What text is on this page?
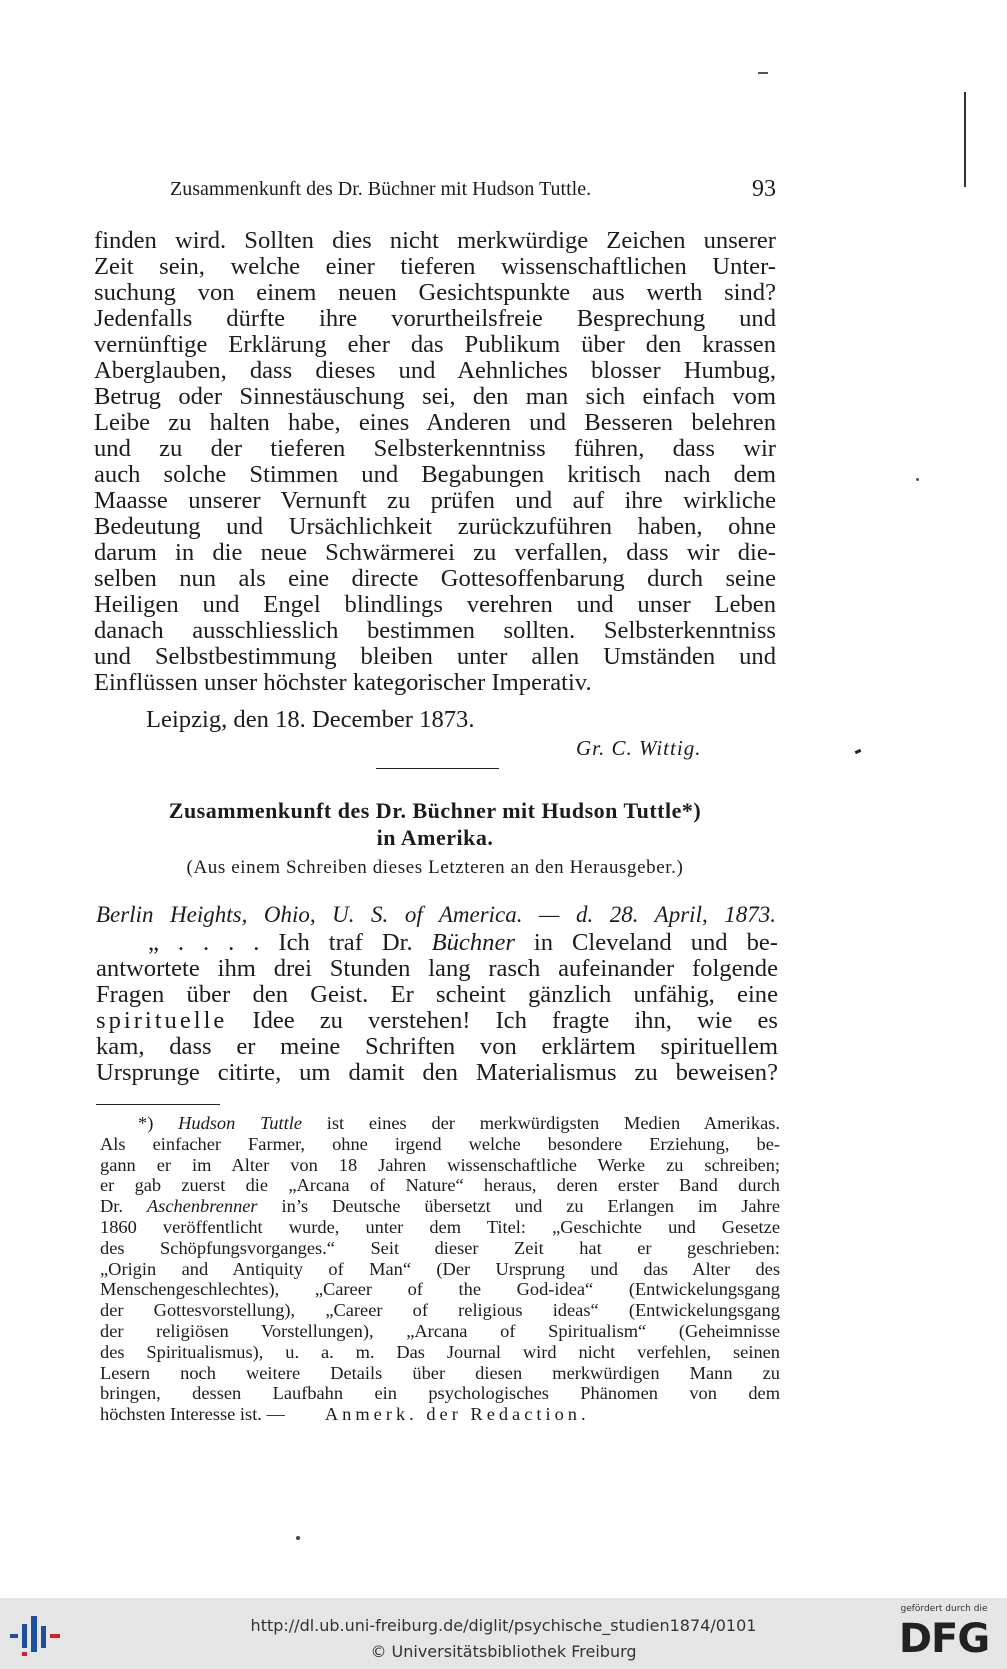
Zusammenkunft des Dr. Büchner mit Hudson Tuttle.	93
finden wird. Sollten dies nicht merkwürdige Zeichen unserer
Zeit sein, welche einer tieferen wissenschaftlichen Unter-
suchung von einem neuen Gesichtspunkte aus werth sind?
Jedenfalls dürfte ihre vorurtheilsfreie Besprechung und
vernünftige Erklärung eher das Publikum über den krassen
Aberglauben, dass dieses und Aehnliches blosser Humbug,
Betrug oder Sinnestäuschung sei, den man sich einfach vom
Leibe zu halten habe, eines Anderen und Besseren belehren
und zu der tieferen Selbsterkenntniss führen, dass wir
auch solche Stimmen und Begabungen kritisch nach dem
Maasse unserer Vernunft zu prüfen und auf ihre wirkliche
Bedeutung und Ursächlichkeit zurückzuführen haben, ohne
darum in die neue Schwärmerei zu verfallen, dass wir die-
selben nun als eine directe Gottesoffenbarung durch seine
Heiligen und Engel blindlings verehren und unser Leben
danach ausschliesslich bestimmen sollten. Selbsterkenntniss
und Selbstbestimmung bleiben unter allen Umständen und
Einflüssen unser höchster kategorischer Imperativ.
Leipzig, den 18. December 1873.
Gr. C. Wittig.
Zusammenkunft des Dr. Büchner mit Hudson Tuttle*)
in Amerika.
(Aus einem Schreiben dieses Letzteren an den Herausgeber.)
Berlin Heights, Ohio, U. S. of America. — d. 28. April, 1873.
„ . . . . Ich traf Dr. Büchner in Cleveland und be-
antwortete ihm drei Stunden lang rasch aufeinander folgende
Fragen über den Geist. Er scheint gänzlich unfähig, eine
spirituelle Idee zu verstehen! Ich fragte ihn, wie es
kam, dass er meine Schriften von erklärtem spirituellem
Ursprunge citirte, um damit den Materialismus zu beweisen?
*) Hudson Tuttle ist eines der merkwürdigsten Medien Amerikas.
Als einfacher Farmer, ohne irgend welche besondere Erziehung, be-
gann er im Alter von 18 Jahren wissenschaftliche Werke zu schreiben;
er gab zuerst die „Arcana of Nature“ heraus, deren erster Band durch
Dr. Aschenbrenner in’s Deutsche übersetzt und zu Erlangen im Jahre
1860 veröffentlicht wurde, unter dem Titel: „Geschichte und Gesetze
des Schöpfungsvorganges.“ Seit dieser Zeit hat er geschrieben:
„Origin and Antiquity of Man“ (Der Ursprung und das Alter des
Menschengeschlechtes), „Career of the God-idea“ (Entwickelungsgang
der Gottesvorstellung), „Career of religious ideas“ (Entwickelungsgang
der religiösen Vorstellungen), „Arcana of Spiritualism“ (Geheimnisse
des Spiritualismus), u. a. m. Das Journal wird nicht verfehlen, seinen
Lesern noch weitere Details über diesen merkwürdigen Mann zu
bringen, dessen Laufbahn ein psychologisches Phänomen von dem
höchsten Interesse ist. — Anmerk. der Redaction.
http://dl.ub.uni-freiburg.de/diglit/psychische_studien1874/0101
© Universitätsbibliothek Freiburg
gefördert durch die
DFG
